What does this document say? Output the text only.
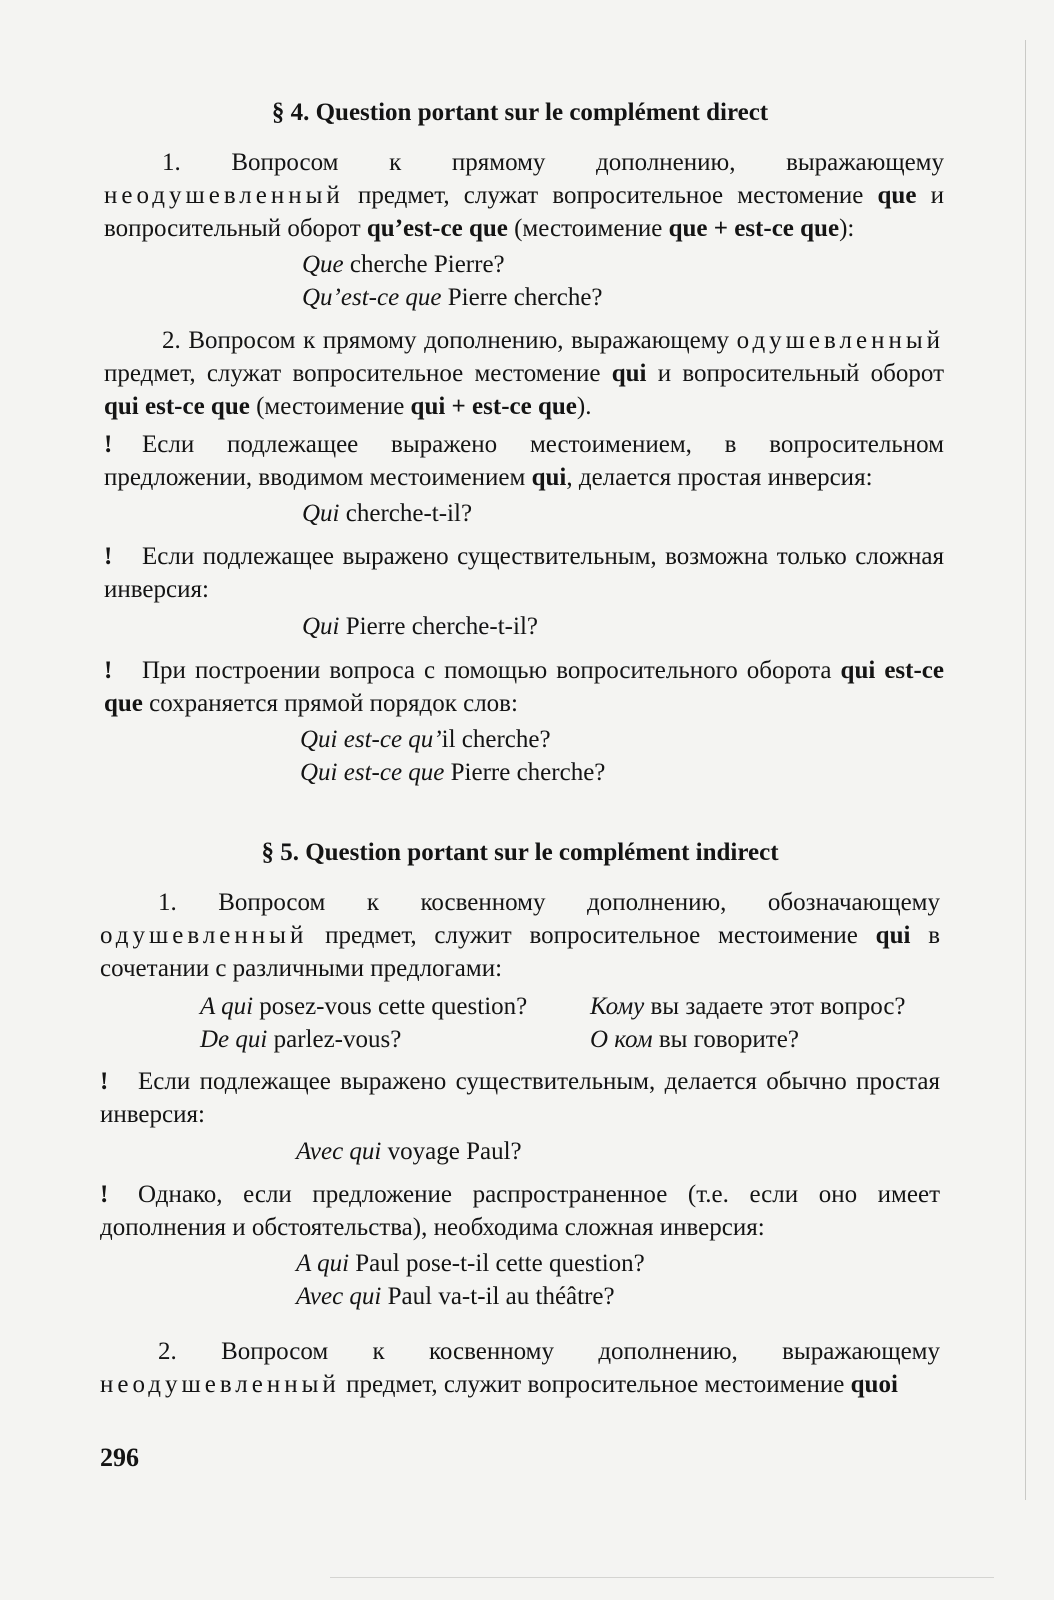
§ 4. Question portant sur le complément direct

1. Вопросом к прямому дополнению, выражающему неодушевленный предмет, служат вопросительное местомение que и вопросительный оборот qu’est-ce que (местоимение que + est-ce que):

Que cherche Pierre?
Qu’est-ce que Pierre cherche?

2. Вопросом к прямому дополнению, выражающему одушевленный предмет, служат вопросительное местомение qui и вопросительный оборот qui est-ce que (местоимение qui + est-ce que).

! Если подлежащее выражено местоимением, в вопросительном предложении, вводимом местоимением qui, делается простая инверсия:

Qui cherche-t-il?

! Если подлежащее выражено существительным, возможна только сложная инверсия:

Qui Pierre cherche-t-il?

! При построении вопроса с помощью вопросительного оборота qui est-ce que сохраняется прямой порядок слов:

Qui est-ce qu’il cherche?
Qui est-ce que Pierre cherche?
§ 5. Question portant sur le complément indirect

1. Вопросом к косвенному дополнению, обозначающему одушевленный предмет, служит вопросительное местоимение qui в сочетании с различными предлогами:

A qui posez-vous cette question?	Кому вы задаете этот вопрос?
De qui parlez-vous?	О ком вы говорите?

! Если подлежащее выражено существительным, делается обычно простая инверсия:

Avec qui voyage Paul?

! Однако, если предложение распространенное (т.е. если оно имеет дополнения и обстоятельства), необходима сложная инверсия:

A qui Paul pose-t-il cette question?
Avec qui Paul va-t-il au théâtre?

2. Вопросом к косвенному дополнению, выражающему неодушевленный предмет, служит вопросительное местоимение quoi

296
